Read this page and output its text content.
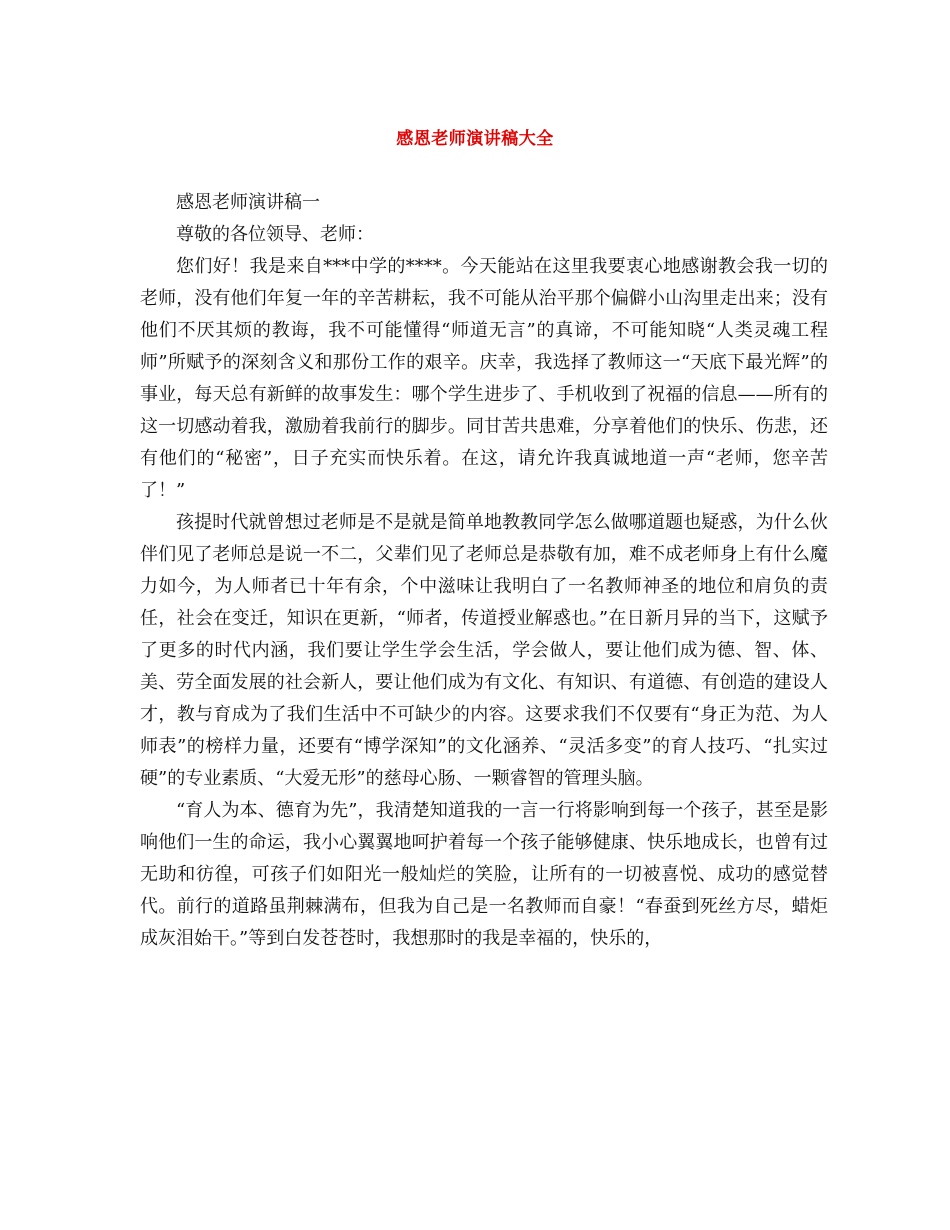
感恩老师演讲稿大全

感恩老师演讲稿一

尊敬的各位领导、老师：

您们好！我是来自***中学的****。今天能站在这里我要衷心地感谢教会我一切的老师，没有他们年复一年的辛苦耕耘，我不可能从治平那个偏僻小山沟里走出来；没有他们不厌其烦的教诲，我不可能懂得“师道无言”的真谛，不可能知晓“人类灵魂工程师”所赋予的深刻含义和那份工作的艰辛。庆幸，我选择了教师这一“天底下最光辉”的事业，每天总有新鲜的故事发生：哪个学生进步了、手机收到了祝福的信息——所有的这一切感动着我，激励着我前行的脚步。同甘苦共患难，分享着他们的快乐、伤悲，还有他们的“秘密”，日子充实而快乐着。在这，请允许我真诚地道一声“老师，您辛苦了！”

孩提时代就曾想过老师是不是就是简单地教教同学怎么做哪道题也疑惑，为什么伙伴们见了老师总是说一不二，父辈们见了老师总是恭敬有加，难不成老师身上有什么魔力如今，为人师者已十年有余，个中滋味让我明白了一名教师神圣的地位和肩负的责任，社会在变迁，知识在更新，“师者，传道授业解惑也。”在日新月异的当下，这赋予了更多的时代内涵，我们要让学生学会生活，学会做人，要让他们成为德、智、体、美、劳全面发展的社会新人，要让他们成为有文化、有知识、有道德、有创造的建设人才，教与育成为了我们生活中不可缺少的内容。这要求我们不仅要有“身正为范、为人师表”的榜样力量，还要有“博学深知”的文化涵养、“灵活多变”的育人技巧、“扎实过硬”的专业素质、“大爱无形”的慈母心肠、一颗睿智的管理头脑。

“育人为本、德育为先”，我清楚知道我的一言一行将影响到每一个孩子，甚至是影响他们一生的命运，我小心翼翼地呵护着每一个孩子能够健康、快乐地成长，也曾有过无助和彷徨，可孩子们如阳光一般灿烂的笑脸，让所有的一切被喜悦、成功的感觉替代。前行的道路虽荆棘满布，但我为自己是一名教师而自豪！“春蚕到死丝方尽，蜡炬成灰泪始干。”等到白发苍苍时，我想那时的我是幸福的，快乐的，
